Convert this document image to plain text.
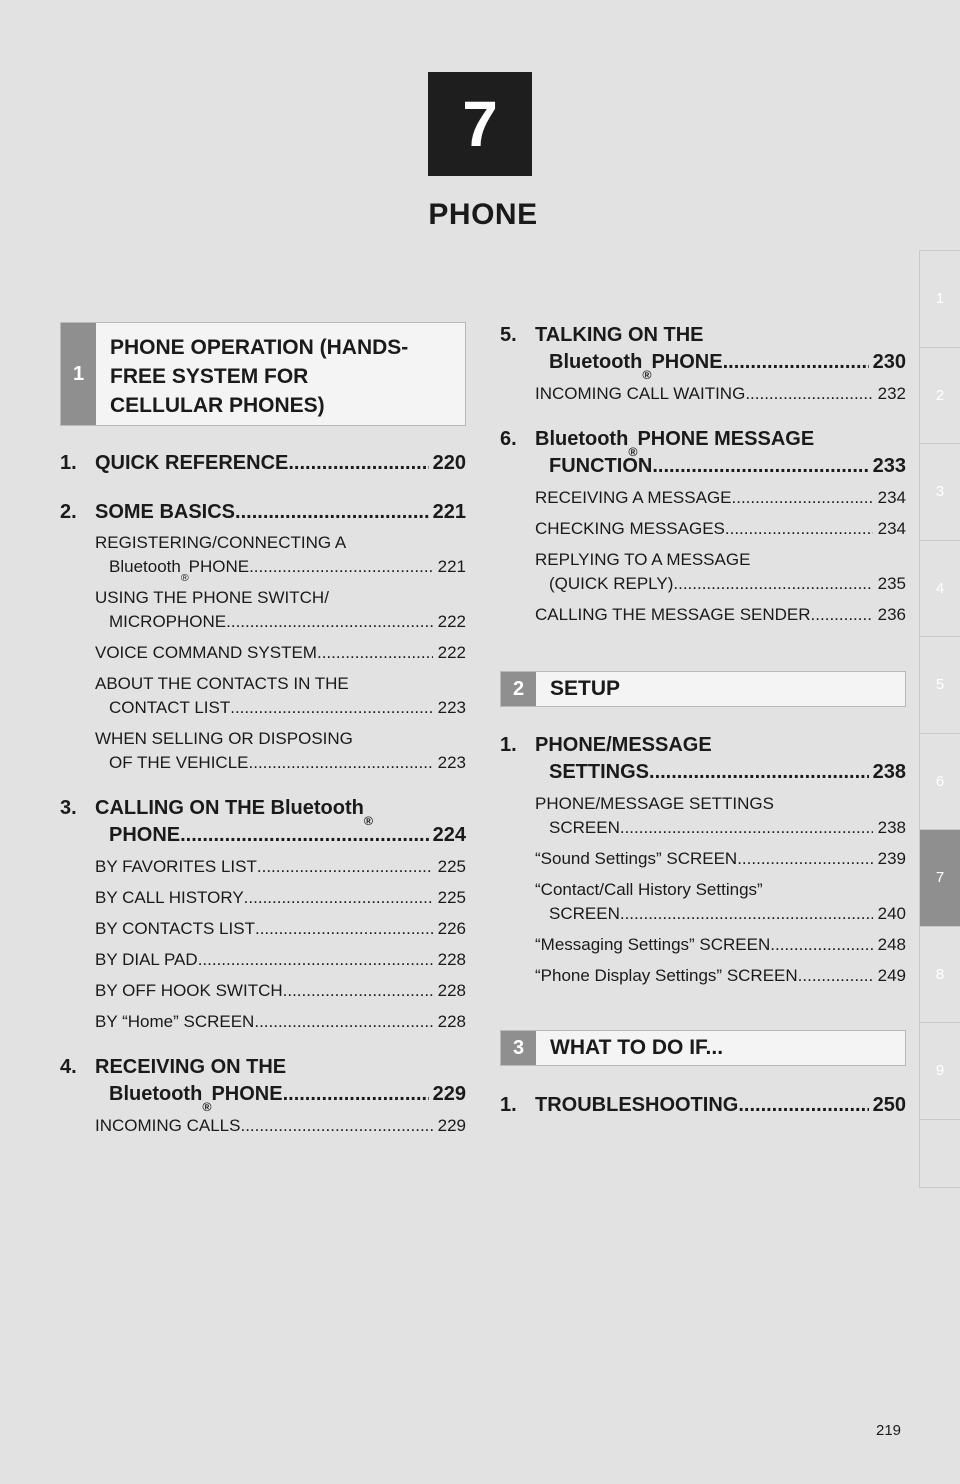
7
PHONE
1
2
3
4
5
6
7
8
9
1
PHONE OPERATION (HANDS-
FREE SYSTEM FOR
CELLULAR PHONES)
1. QUICK REFERENCE .....	220
2. SOME BASICS .....	221
REGISTERING/CONNECTING A
Bluetooth
®
PHONE .....	221
USING THE PHONE SWITCH/
MICROPHONE .....	222
VOICE COMMAND SYSTEM .....	222
ABOUT THE CONTACTS IN THE
CONTACT LIST .....	223
WHEN SELLING OR DISPOSING
OF THE VEHICLE .....	223
3. CALLING ON THE Bluetooth
®
PHONE .....	224
BY FAVORITES LIST .....	225
BY CALL HISTORY .....	225
BY CONTACTS LIST .....	226
BY DIAL PAD .....	228
BY OFF HOOK SWITCH .....	228
BY “Home” SCREEN .....	228
4. RECEIVING ON THE
Bluetooth
®
PHONE .....	229
INCOMING CALLS .....	229
5. TALKING ON THE
Bluetooth
®
PHONE .....	230
INCOMING CALL WAITING .....	232
6. Bluetooth
®
PHONE MESSAGE
FUNCTION .....	233
RECEIVING A MESSAGE .....	234
CHECKING MESSAGES .....	234
REPLYING TO A MESSAGE
(QUICK REPLY) .....	235
CALLING THE MESSAGE SENDER .....	236
2	SETUP
1. PHONE/MESSAGE
SETTINGS .....	238
PHONE/MESSAGE SETTINGS
SCREEN .....	238
“Sound Settings” SCREEN .....	239
“Contact/Call History Settings”
SCREEN .....	240
“Messaging Settings” SCREEN .....	248
“Phone Display Settings” SCREEN .....	249
3	WHAT TO DO IF...
1. TROUBLESHOOTING .....	250
219
